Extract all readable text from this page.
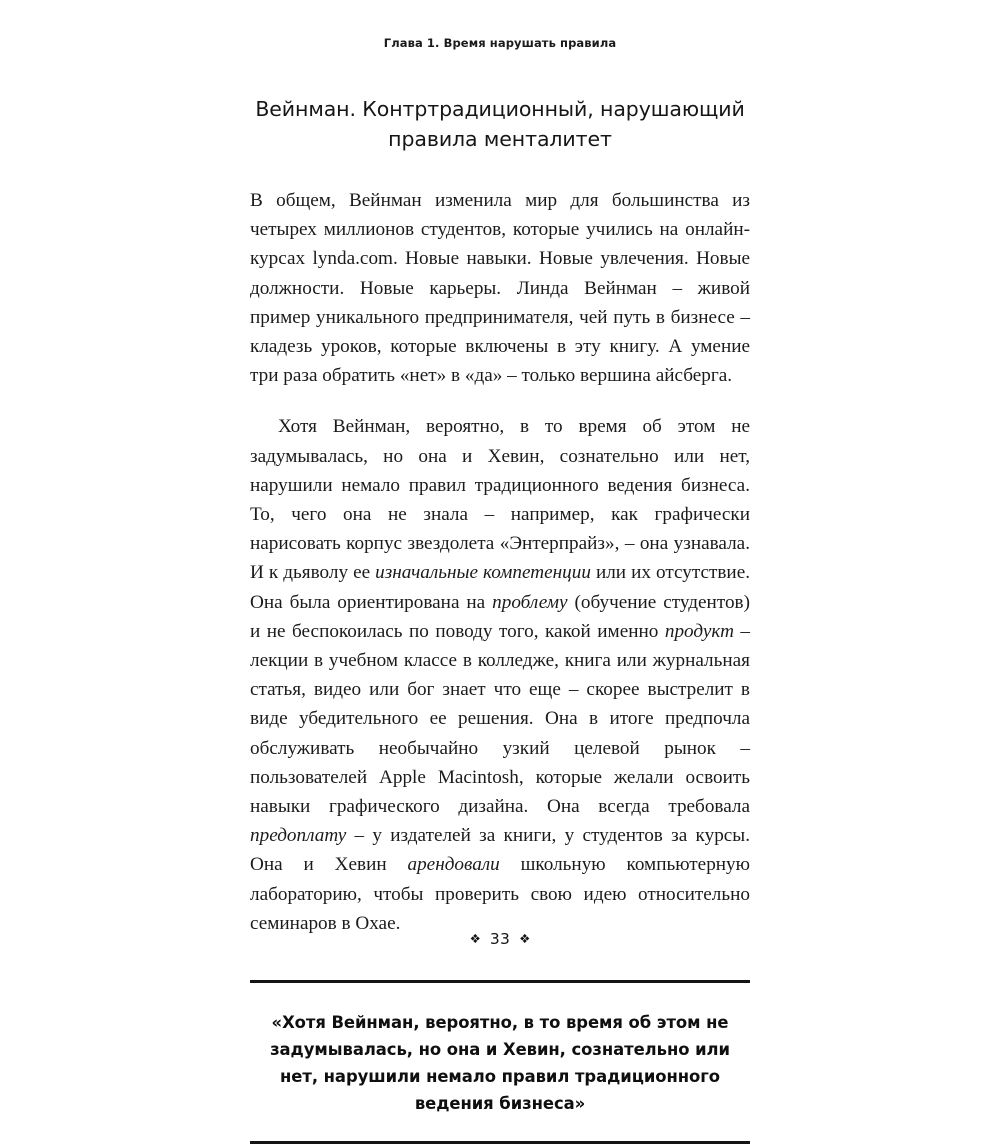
Глава 1. Время нарушать правила
Вейнман. Контртрадиционный, нарушающий правила менталитет

В общем, Вейнман изменила мир для большинства из четырех миллионов студентов, которые учились на онлайн-курсах lynda.com. Новые навыки. Новые увлечения. Новые должности. Новые карьеры. Линда Вейнман – живой пример уникального предпринимателя, чей путь в бизнесе – кладезь уроков, которые включены в эту книгу. А умение три раза обратить «нет» в «да» – только вершина айсберга.

Хотя Вейнман, вероятно, в то время об этом не задумывалась, но она и Хевин, сознательно или нет, нарушили немало правил традиционного ведения бизнеса. То, чего она не знала – например, как графически нарисовать корпус звездолета «Энтерпрайз», – она узнавала. И к дьяволу ее изначальные компетенции или их отсутствие. Она была ориентирована на проблему (обучение студентов) и не беспокоилась по поводу того, какой именно продукт – лекции в учебном классе в колледже, книга или журнальная статья, видео или бог знает что еще – скорее выстрелит в виде убедительного ее решения. Она в итоге предпочла обслуживать необычайно узкий целевой рынок – пользователей Apple Macintosh, которые желали освоить навыки графического дизайна. Она всегда требовала предоплату – у издателей за книги, у студентов за курсы. Она и Хевин арендовали школьную компьютерную лабораторию, чтобы проверить свою идею относительно семинаров в Охае.

«Хотя Вейнман, вероятно, в то время об этом не задумывалась, но она и Хевин, сознательно или нет, нарушили немало правил традиционного ведения бизнеса»

❖ 33 ❖
